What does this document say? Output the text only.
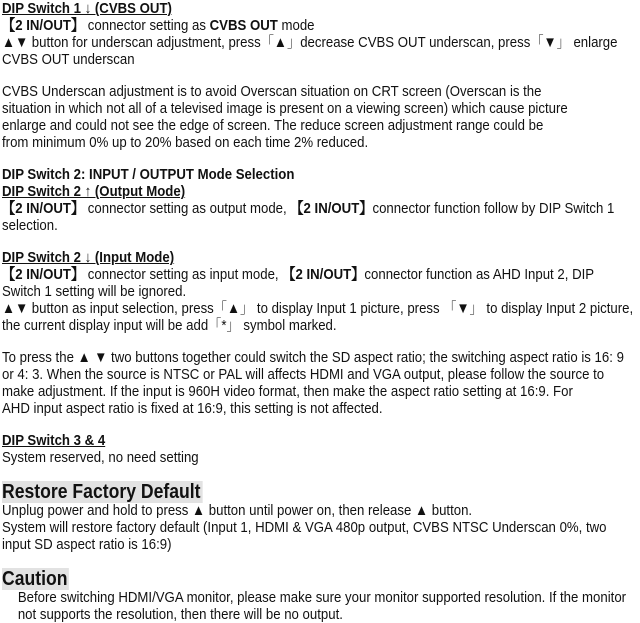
DIP Switch 1 ↓ (CVBS OUT)
【2 IN/OUT】 connector setting as CVBS OUT mode
▲▼ button for underscan adjustment, press「▲」decrease CVBS OUT underscan, press「▼」 enlarge
CVBS OUT underscan
CVBS Underscan adjustment is to avoid Overscan situation on CRT screen (Overscan is the
situation in which not all of a televised image is present on a viewing screen) which cause picture
enlarge and could not see the edge of screen. The reduce screen adjustment range could be
from minimum 0% up to 20% based on each time 2% reduced.
DIP Switch 2: INPUT / OUTPUT Mode Selection
DIP Switch 2 ↑ (Output Mode)
【2 IN/OUT】 connector setting as output mode, 【2 IN/OUT】connector function follow by DIP Switch 1
selection.
DIP Switch 2 ↓ (Input Mode)
【2 IN/OUT】 connector setting as input mode, 【2 IN/OUT】connector function as AHD Input 2, DIP
Switch 1 setting will be ignored.
▲▼ button as input selection, press「▲」 to display Input 1 picture, press 「▼」 to display Input 2 picture,
the current display input will be add「*」 symbol marked.
To press the ▲ ▼ two buttons together could switch the SD aspect ratio; the switching aspect ratio is 16: 9
or 4: 3. When the source is NTSC or PAL will affects HDMI and VGA output, please follow the source to
make adjustment. If the input is 960H video format, then make the aspect ratio setting at 16:9. For
AHD input aspect ratio is fixed at 16:9, this setting is not affected.
DIP Switch 3 & 4
System reserved, no need setting
Restore Factory Default
Unplug power and hold to press ▲ button until power on, then release ▲ button.
System will restore factory default (Input 1, HDMI & VGA 480p output, CVBS NTSC Underscan 0%, two
input SD aspect ratio is 16:9)
Caution
Before switching HDMI/VGA monitor, please make sure your monitor supported resolution. If the monitor
not supports the resolution, then there will be no output.
